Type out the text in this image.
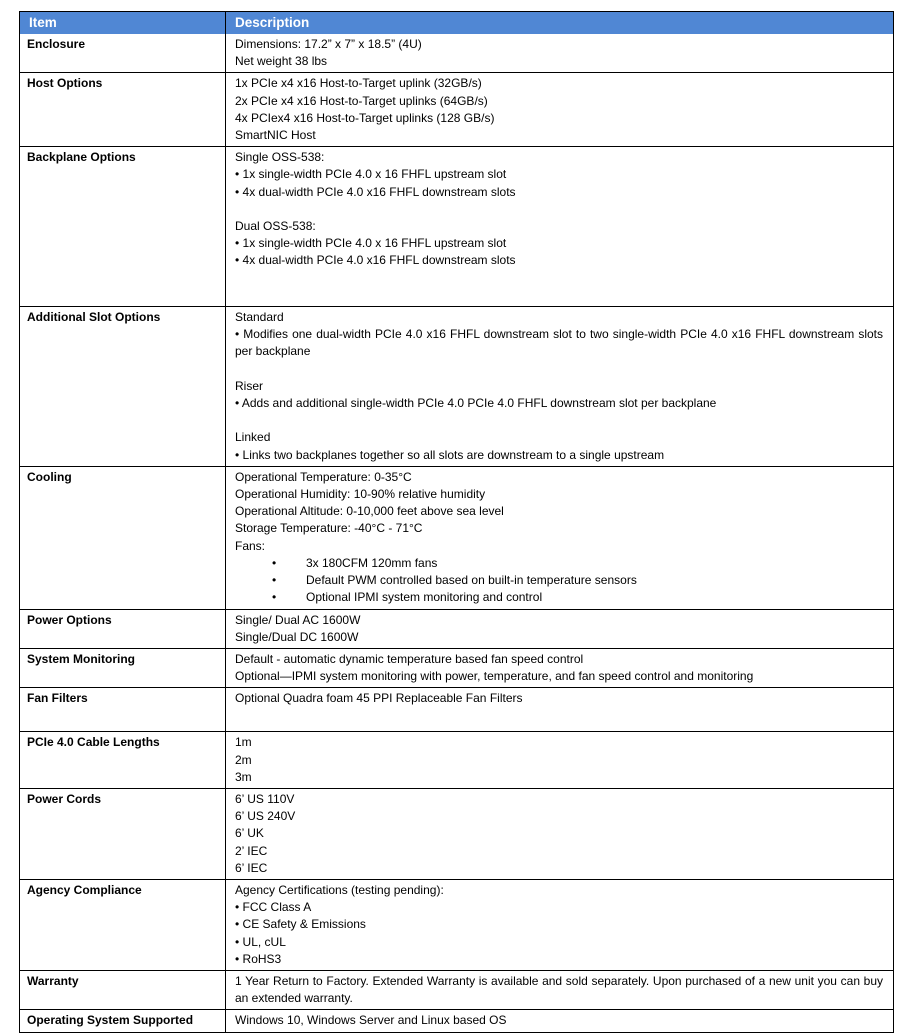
Item	Description
Enclosure	Dimensions: 17.2” x 7” x 18.5” (4U)
Net weight 38 lbs
Host Options	1x PCIe x4 x16 Host-to-Target uplink (32GB/s)
2x PCIe x4 x16 Host-to-Target uplinks (64GB/s)
4x PCIex4 x16 Host-to-Target uplinks (128 GB/s)
SmartNIC Host
Backplane Options	Single OSS-538:
• 1x single-width PCIe 4.0 x 16 FHFL upstream slot
• 4x dual-width PCIe 4.0 x16 FHFL downstream slots

Dual OSS-538:
• 1x single-width PCIe 4.0 x 16 FHFL upstream slot
• 4x dual-width PCIe 4.0 x16 FHFL downstream slots

Additional Slot Options	Standard
• Modifies one dual-width PCIe 4.0 x16 FHFL downstream slot to two single-width PCIe 4.0 x16 FHFL downstream slots per backplane

Riser
• Adds and additional single-width PCIe 4.0 PCIe 4.0 FHFL downstream slot per backplane

Linked
• Links two backplanes together so all slots are downstream to a single upstream
Cooling	Operational Temperature: 0-35°C
Operational Humidity: 10-90% relative humidity
Operational Altitude: 0-10,000 feet above sea level
Storage Temperature: -40°C - 71°C
Fans:
•	3x 180CFM 120mm fans
•	Default PWM controlled based on built-in temperature sensors
•	Optional IPMI system monitoring and control
Power Options	Single/ Dual AC 1600W
Single/Dual DC 1600W
System Monitoring	Default - automatic dynamic temperature based fan speed control
Optional—IPMI system monitoring with power, temperature, and fan speed control and monitoring
Fan Filters	Optional Quadra foam 45 PPI Replaceable Fan Filters

PCIe 4.0 Cable Lengths	1m
2m
3m
Power Cords	6’ US 110V
6’ US 240V
6’ UK
2’ IEC
6’ IEC
Agency Compliance	Agency Certifications (testing pending):
• FCC Class A
• CE Safety & Emissions
• UL, cUL
• RoHS3
Warranty	1 Year Return to Factory. Extended Warranty is available and sold separately. Upon purchased of a new unit you can buy an extended warranty.
Operating System Supported	Windows 10, Windows Server and Linux based OS
